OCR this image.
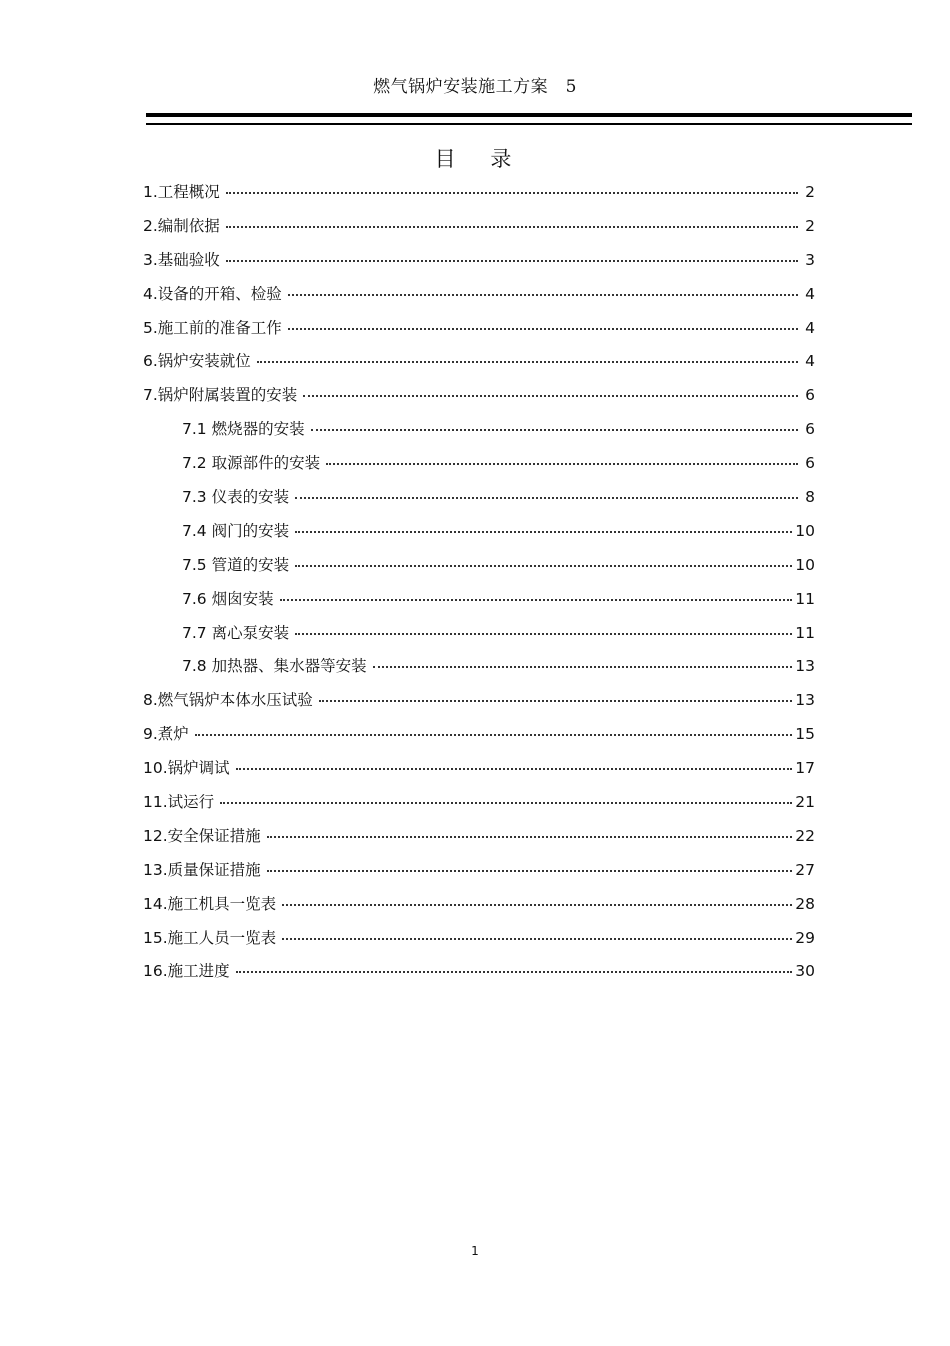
燃气锅炉安装施工方案　5
目 录
1.工程概况	2
2.编制依据	2
3.基础验收	3
4.设备的开箱、检验	4
5.施工前的准备工作	4
6.锅炉安装就位	4
7.锅炉附属装置的安装	6
7.1 燃烧器的安装	6
7.2 取源部件的安装	6
7.3 仪表的安装	8
7.4 阀门的安装	10
7.5 管道的安装	10
7.6 烟囱安装	11
7.7 离心泵安装	11
7.8 加热器、集水器等安装	13
8.燃气锅炉本体水压试验	13
9.煮炉	15
10.锅炉调试	17
11.试运行	21
12.安全保证措施	22
13.质量保证措施	27
14.施工机具一览表	28
15.施工人员一览表	29
16.施工进度	30
1
